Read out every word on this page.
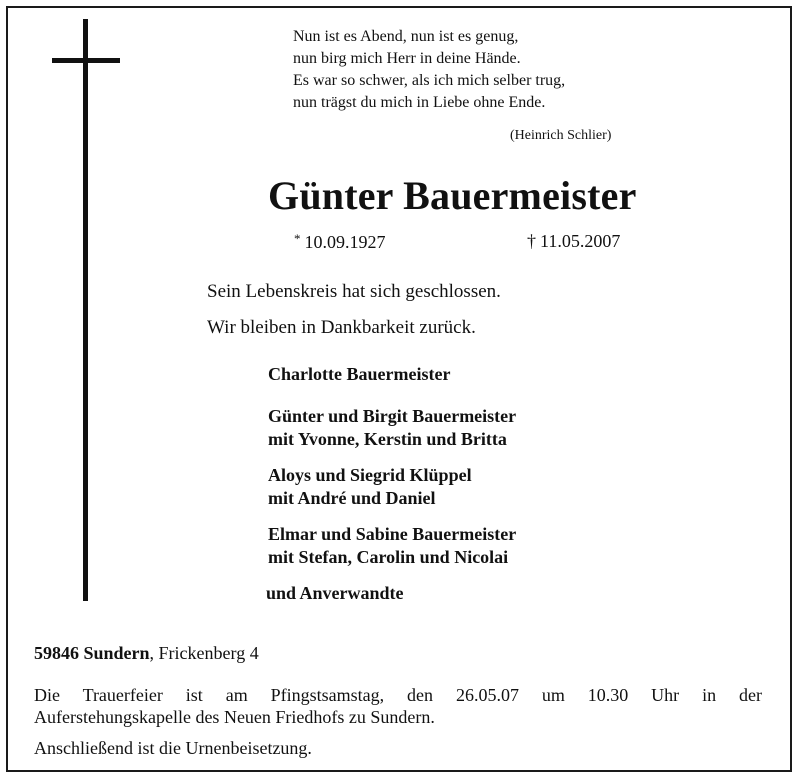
Nun ist es Abend, nun ist es genug,
nun birg mich Herr in deine Hände.
Es war so schwer, als ich mich selber trug,
nun trägst du mich in Liebe ohne Ende.
(Heinrich Schlier)
Günter Bauermeister
* 10.09.1927	† 11.05.2007
Sein Lebenskreis hat sich geschlossen.
Wir bleiben in Dankbarkeit zurück.
Charlotte Bauermeister
Günter und Birgit Bauermeister
mit Yvonne, Kerstin und Britta
Aloys und Siegrid Klüppel
mit André und Daniel
Elmar und Sabine Bauermeister
mit Stefan, Carolin und Nicolai
und Anverwandte
59846 Sundern, Frickenberg 4
Die Trauerfeier ist am Pfingstsamstag, den 26.05.07 um 10.30 Uhr in der
Auferstehungskapelle des Neuen Friedhofs zu Sundern.
Anschließend ist die Urnenbeisetzung.
